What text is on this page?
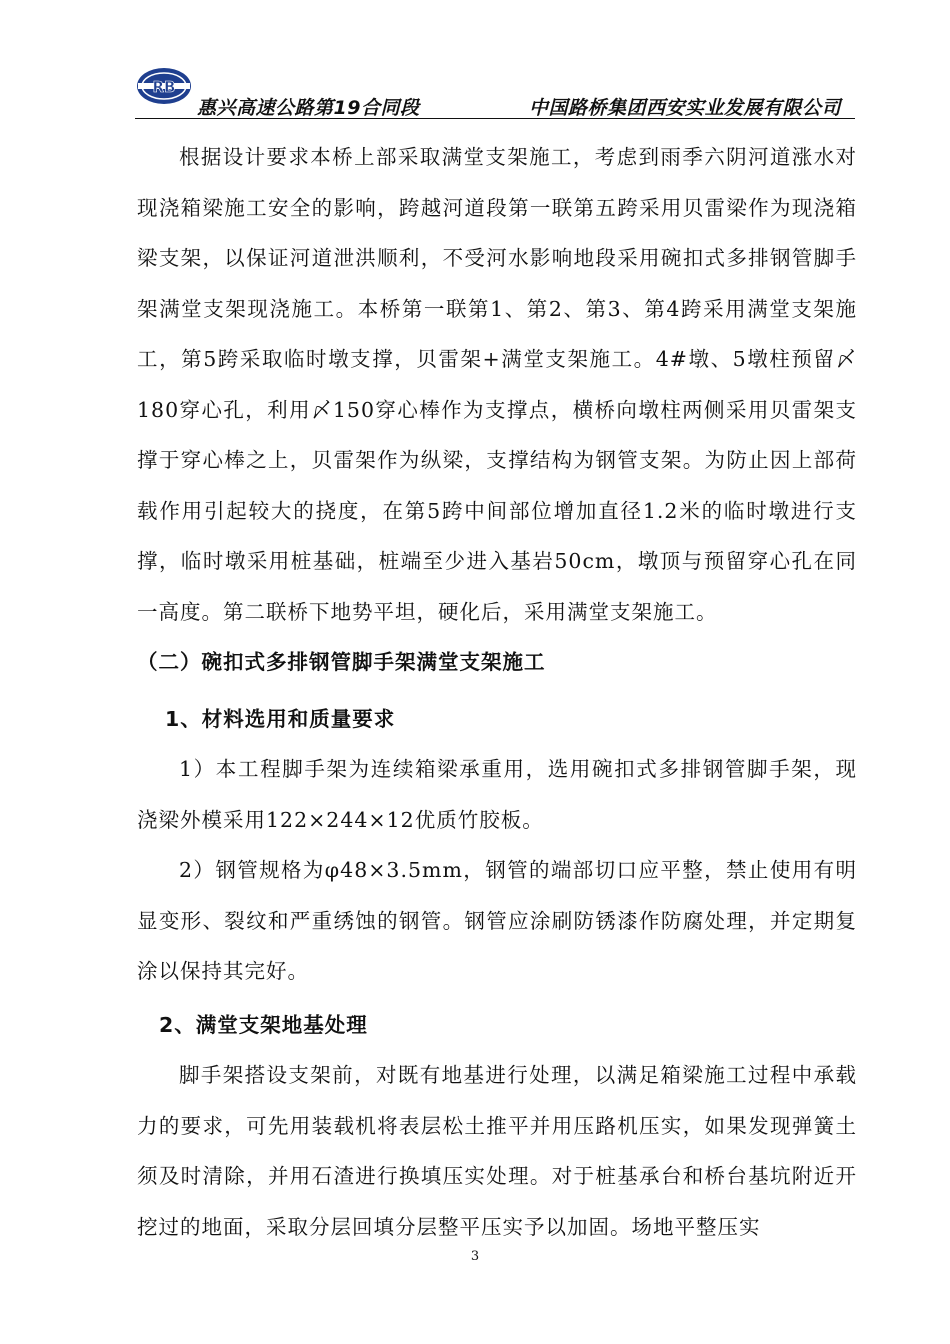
RB
惠兴高速公路第19合同段	中国路桥集团西安实业发展有限公司

根据设计要求本桥上部采取满堂支架施工，考虑到雨季六阴河道涨水对现浇箱梁施工安全的影响，跨越河道段第一联第五跨采用贝雷梁作为现浇箱梁支架，以保证河道泄洪顺利，不受河水影响地段采用碗扣式多排钢管脚手架满堂支架现浇施工。本桥第一联第1、第2、第3、第4跨采用满堂支架施工，第5跨采取临时墩支撑，贝雷架+满堂支架施工。4#墩、5墩柱预留〆180穿心孔，利用〆150穿心棒作为支撑点，横桥向墩柱两侧采用贝雷架支撑于穿心棒之上，贝雷架作为纵梁，支撑结构为钢管支架。为防止因上部荷载作用引起较大的挠度，在第5跨中间部位增加直径1.2米的临时墩进行支撑，临时墩采用桩基础，桩端至少进入基岩50cm，墩顶与预留穿心孔在同一高度。第二联桥下地势平坦，硬化后，采用满堂支架施工。

（二）碗扣式多排钢管脚手架满堂支架施工

1、材料选用和质量要求

1）本工程脚手架为连续箱梁承重用，选用碗扣式多排钢管脚手架，现浇梁外模采用122×244×12优质竹胶板。

2）钢管规格为φ48×3.5mm，钢管的端部切口应平整，禁止使用有明显变形、裂纹和严重绣蚀的钢管。钢管应涂刷防锈漆作防腐处理，并定期复涂以保持其完好。

2、满堂支架地基处理

脚手架搭设支架前，对既有地基进行处理，以满足箱梁施工过程中承载力的要求，可先用装载机将表层松土推平并用压路机压实，如果发现弹簧土须及时清除，并用石渣进行换填压实处理。对于桩基承台和桥台基坑附近开挖过的地面，采取分层回填分层整平压实予以加固。场地平整压实

3
